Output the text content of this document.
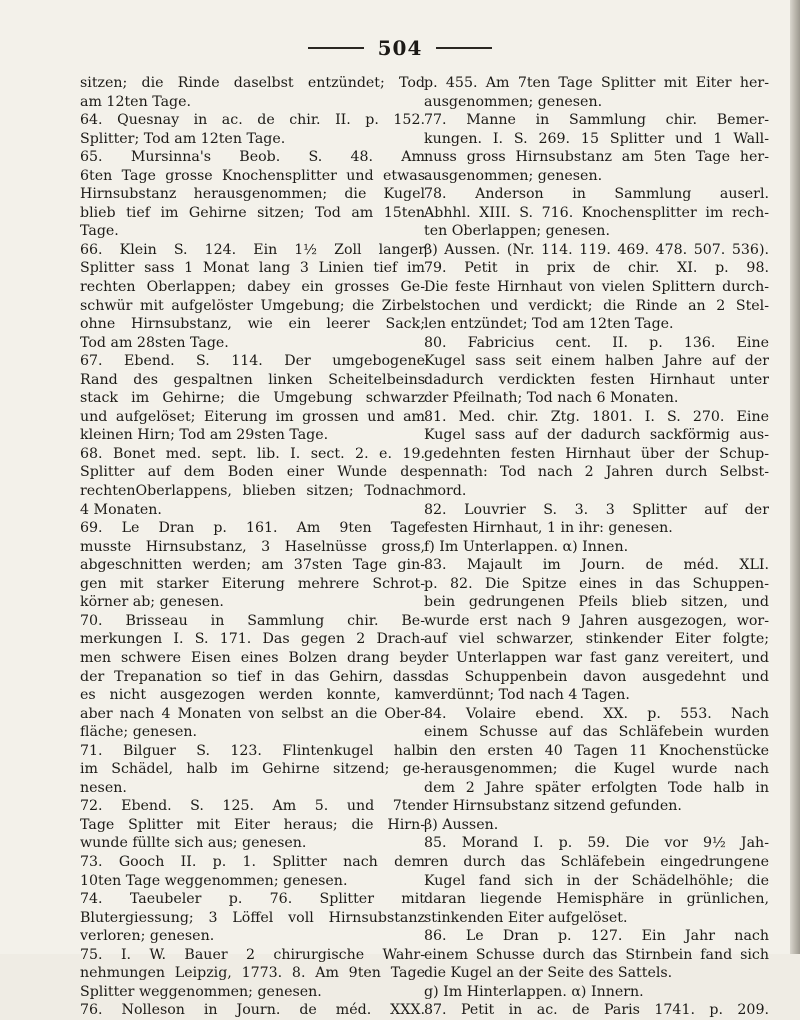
504
sitzen; die Rinde daselbst entzündet; Tod
am 12ten Tage.
64. Quesnay in ac. de chir. II. p. 152.
Splitter; Tod am 12ten Tage.
65. Mursinna's Beob. S. 48. Am
6ten Tage grosse Knochensplitter und etwas
Hirnsubstanz herausgenommen; die Kugel
blieb tief im Gehirne sitzen; Tod am 15ten
Tage.
66. Klein S. 124. Ein 1½ Zoll langer
Splitter sass 1 Monat lang 3 Linien tief im
rechten Oberlappen; dabey ein grosses Ge-
schwür mit aufgelöster Umgebung; die Zirbel
ohne Hirnsubstanz, wie ein leerer Sack;
Tod am 28sten Tage.
67. Ebend. S. 114. Der umgebogene
Rand des gespaltnen linken Scheitelbeins
stack im Gehirne; die Umgebung schwarz
und aufgelöset; Eiterung im grossen und am
kleinen Hirn; Tod am 29sten Tage.
68. Bonet med. sept. lib. I. sect. 2. e. 19.
Splitter auf dem Boden einer Wunde des
rechtenOberlappens, blieben sitzen; Todnach
4 Monaten.
69. Le Dran p. 161. Am 9ten Tage
musste Hirnsubstanz, 3 Haselnüsse gross,
abgeschnitten werden; am 37sten Tage gin-
gen mit starker Eiterung mehrere Schrot-
körner ab; genesen.
70. Brisseau in Sammlung chir. Be-
merkungen I. S. 171. Das gegen 2 Drach-
men schwere Eisen eines Bolzen drang bey
der Trepanation so tief in das Gehirn, dass
es nicht ausgezogen werden konnte, kam
aber nach 4 Monaten von selbst an die Ober-
fläche; genesen.
71. Bilguer S. 123. Flintenkugel halb
im Schädel, halb im Gehirne sitzend; ge-
nesen.
72. Ebend. S. 125. Am 5. und 7ten
Tage Splitter mit Eiter heraus; die Hirn-
wunde füllte sich aus; genesen.
73. Gooch II. p. 1. Splitter nach dem
10ten Tage weggenommen; genesen.
74. Taeubeler p. 76. Splitter mit
Blutergiessung; 3 Löffel voll Hirnsubstanz
verloren; genesen.
75. I. W. Bauer 2 chirurgische Wahr-
nehmungen Leipzig, 1773. 8. Am 9ten Tage
Splitter weggenommen; genesen.
76. Nolleson in Journ. de méd. XXX.
p. 455. Am 7ten Tage Splitter mit Eiter her-
ausgenommen; genesen.
77. Manne in Sammlung chir. Bemer-
kungen. I. S. 269. 15 Splitter und 1 Wall-
nuss gross Hirnsubstanz am 5ten Tage her-
ausgenommen; genesen.
78. Anderson in Sammlung auserl.
Abhhl. XIII. S. 716. Knochensplitter im rech-
ten Oberlappen; genesen.
β) Aussen. (Nr. 114. 119. 469. 478. 507. 536).
79. Petit in prix de chir. XI. p. 98.
Die feste Hirnhaut von vielen Splittern durch-
stochen und verdickt; die Rinde an 2 Stel-
len entzündet; Tod am 12ten Tage.
80. Fabricius cent. II. p. 136. Eine
Kugel sass seit einem halben Jahre auf der
dadurch verdickten festen Hirnhaut unter
der Pfeilnath; Tod nach 6 Monaten.
81. Med. chir. Ztg. 1801. I. S. 270. Eine
Kugel sass auf der dadurch sackförmig aus-
gedehnten festen Hirnhaut über der Schup-
pennath: Tod nach 2 Jahren durch Selbst-
mord.
82. Louvrier S. 3. 3 Splitter auf der
festen Hirnhaut, 1 in ihr: genesen.
f) Im Unterlappen. α) Innen.
83. Majault im Journ. de méd. XLI.
p. 82. Die Spitze eines in das Schuppen-
bein gedrungenen Pfeils blieb sitzen, und
wurde erst nach 9 Jahren ausgezogen, wor-
auf viel schwarzer, stinkender Eiter folgte;
der Unterlappen war fast ganz vereitert, und
das Schuppenbein davon ausgedehnt und
verdünnt; Tod nach 4 Tagen.
84. Volaire ebend. XX. p. 553. Nach
einem Schusse auf das Schläfebein wurden
in den ersten 40 Tagen 11 Knochenstücke
herausgenommen; die Kugel wurde nach
dem 2 Jahre später erfolgten Tode halb in
der Hirnsubstanz sitzend gefunden.
β) Aussen.
85. Morand I. p. 59. Die vor 9½ Jah-
ren durch das Schläfebein eingedrungene
Kugel fand sich in der Schädelhöhle; die
daran liegende Hemisphäre in grünlichen,
stinkenden Eiter aufgelöset.
86. Le Dran p. 127. Ein Jahr nach
einem Schusse durch das Stirnbein fand sich
die Kugel an der Seite des Sattels.
g) Im Hinterlappen. α) Innern.
87. Petit in ac. de Paris 1741. p. 209.
